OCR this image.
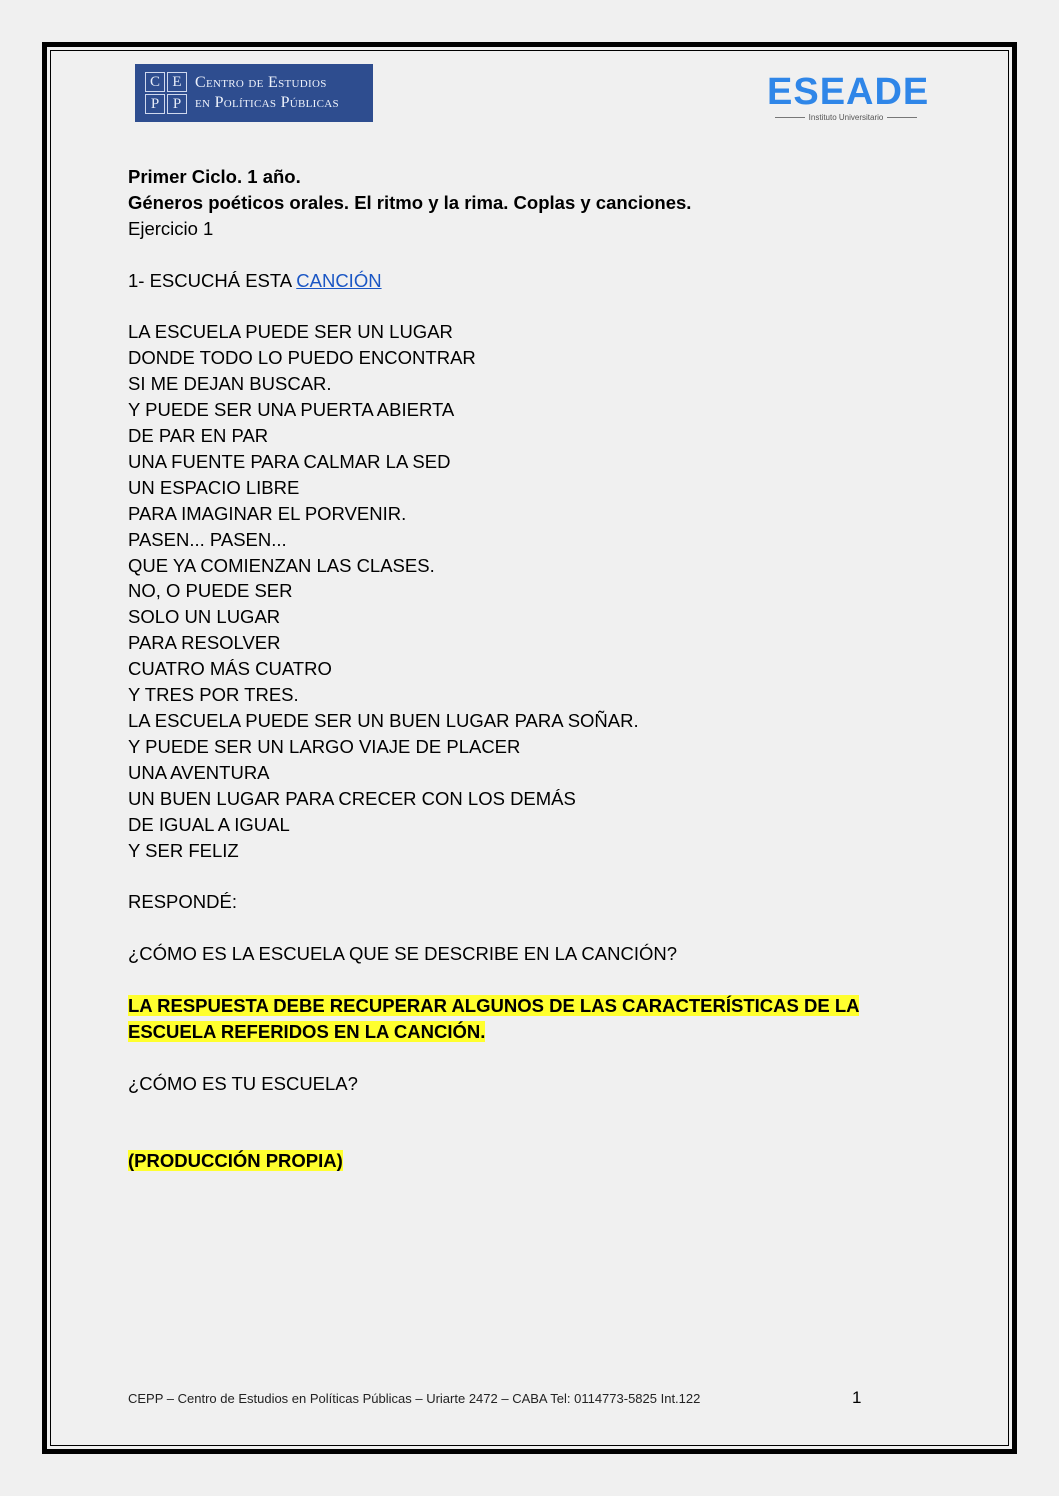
C E
P P
Centro de Estudios
en Políticas Públicas	ESEADE
Instituto Universitario

Primer Ciclo. 1 año.

Géneros poéticos orales. El ritmo y la rima. Coplas y canciones.

Ejercicio 1

1- ESCUCHÁ ESTA CANCIÓN

LA ESCUELA PUEDE SER UN LUGAR

DONDE TODO LO PUEDO ENCONTRAR

SI ME DEJAN BUSCAR.

Y PUEDE SER UNA PUERTA ABIERTA

DE PAR EN PAR

UNA FUENTE PARA CALMAR LA SED

UN ESPACIO LIBRE

PARA IMAGINAR EL PORVENIR.

PASEN... PASEN...

QUE YA COMIENZAN LAS CLASES.

NO, O PUEDE SER

SOLO UN LUGAR

PARA RESOLVER

CUATRO MÁS CUATRO

Y TRES POR TRES.

LA ESCUELA PUEDE SER UN BUEN LUGAR PARA SOÑAR.

Y PUEDE SER UN LARGO VIAJE DE PLACER

UNA AVENTURA

UN BUEN LUGAR PARA CRECER CON LOS DEMÁS

DE IGUAL A IGUAL

Y SER FELIZ

RESPONDÉ:

¿CÓMO ES LA ESCUELA QUE SE DESCRIBE EN LA CANCIÓN?

LA RESPUESTA DEBE RECUPERAR ALGUNOS DE LAS CARACTERÍSTICAS DE LA

ESCUELA REFERIDOS EN LA CANCIÓN.

¿CÓMO ES TU ESCUELA?

(PRODUCCIÓN PROPIA)

CEPP – Centro de Estudios en Políticas Públicas – Uriarte 2472 – CABA Tel: 0114773-5825 Int.122	1
